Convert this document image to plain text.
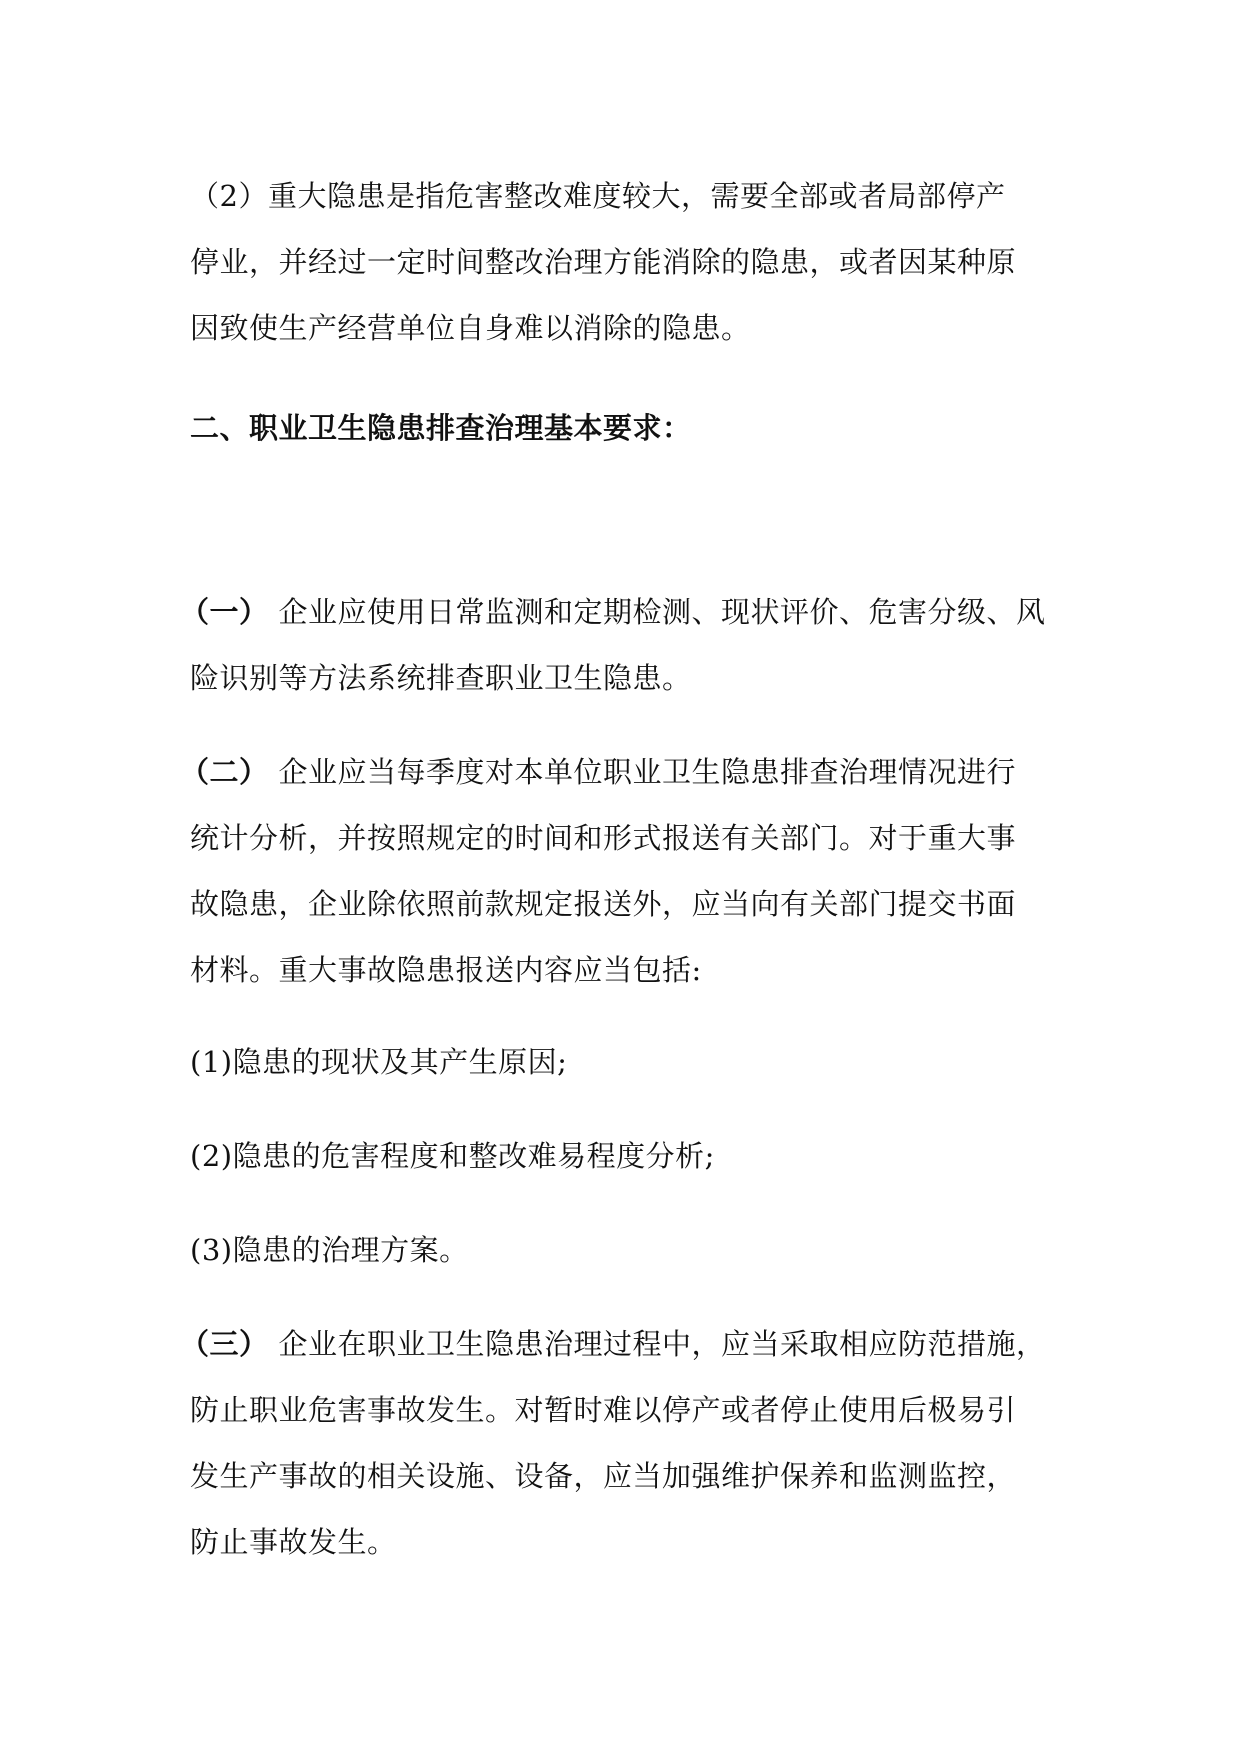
（2）重大隐患是指危害整改难度较大，需要全部或者局部停产

停业，并经过一定时间整改治理方能消除的隐患，或者因某种原

因致使生产经营单位自身难以消除的隐患。

二、职业卫生隐患排查治理基本要求：

（一） 企业应使用日常监测和定期检测、现状评价、危害分级、风

险识别等方法系统排查职业卫生隐患。

（二） 企业应当每季度对本单位职业卫生隐患排查治理情况进行

统计分析，并按照规定的时间和形式报送有关部门。对于重大事

故隐患，企业除依照前款规定报送外，应当向有关部门提交书面

材料。重大事故隐患报送内容应当包括:

(1)隐患的现状及其产生原因;

(2)隐患的危害程度和整改难易程度分析;

(3)隐患的治理方案。

（三） 企业在职业卫生隐患治理过程中，应当采取相应防范措施，

防止职业危害事故发生。对暂时难以停产或者停止使用后极易引

发生产事故的相关设施、设备，应当加强维护保养和监测监控，

防止事故发生。
